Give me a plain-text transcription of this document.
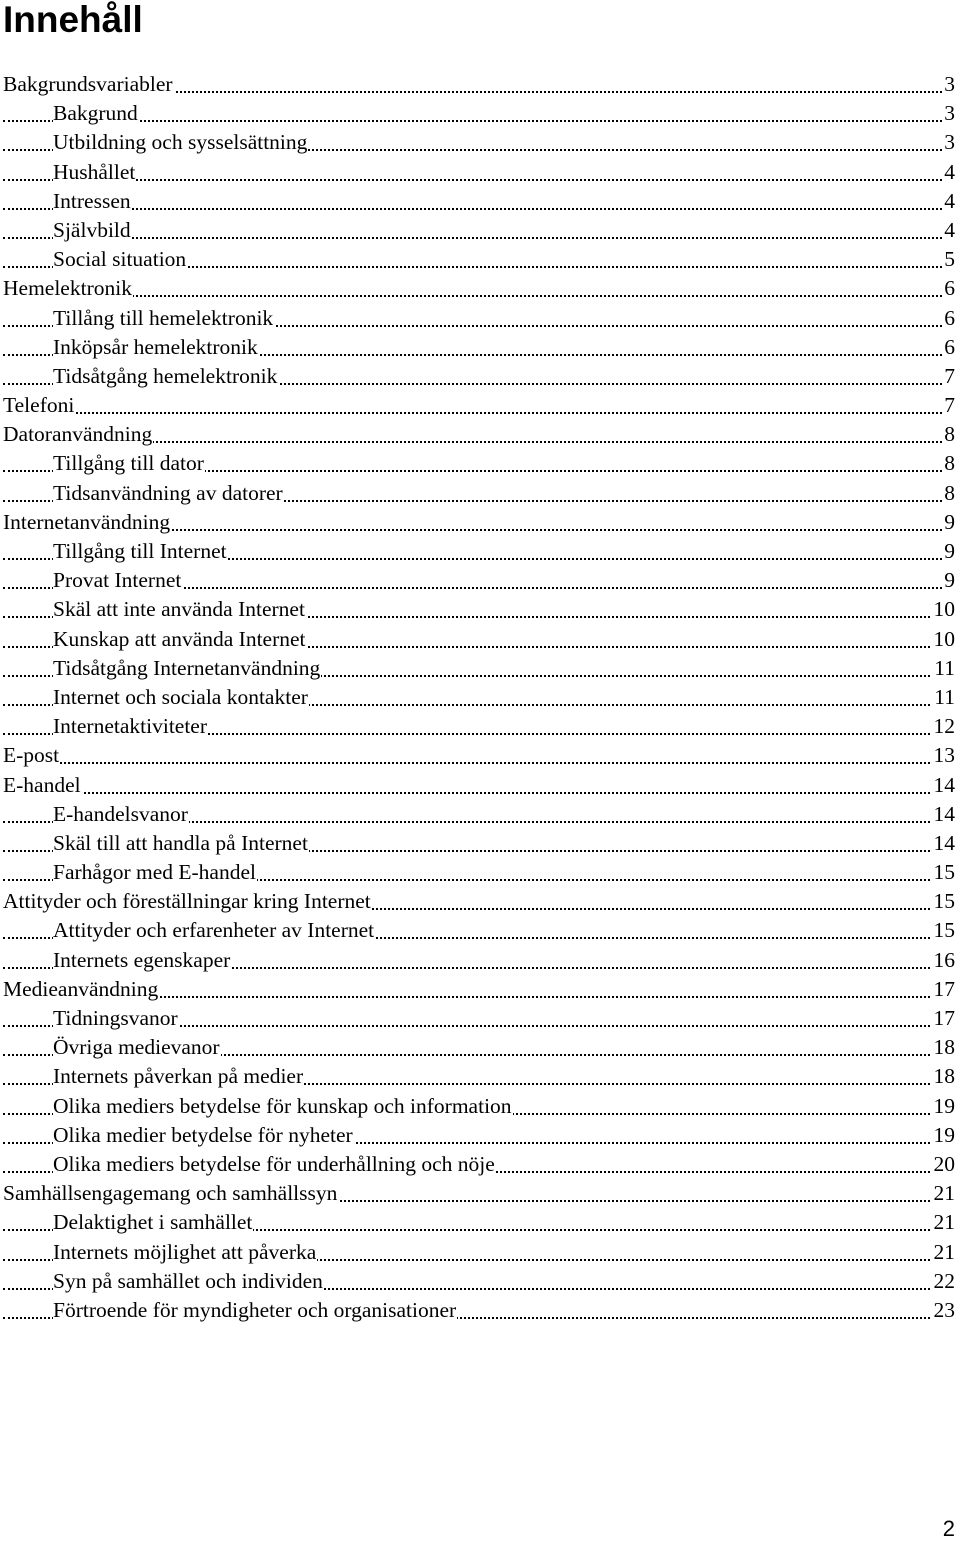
Innehåll
Bakgrundsvariabler	3
Bakgrund	3
Utbildning och sysselsättning	3
Hushållet	4
Intressen	4
Självbild	4
Social situation	5
Hemelektronik	6
Tillång till hemelektronik	6
Inköpsår hemelektronik	6
Tidsåtgång hemelektronik	7
Telefoni	7
Datoranvändning	8
Tillgång till dator	8
Tidsanvändning av datorer	8
Internetanvändning	9
Tillgång till Internet	9
Provat Internet	9
Skäl att inte använda Internet	10
Kunskap att använda Internet	10
Tidsåtgång Internetanvändning	11
Internet och sociala kontakter	11
Internetaktiviteter	12
E-post	13
E-handel	14
E-handelsvanor	14
Skäl till att handla på Internet	14
Farhågor med E-handel	15
Attityder och föreställningar kring Internet	15
Attityder och erfarenheter av Internet	15
Internets egenskaper	16
Medieanvändning	17
Tidningsvanor	17
Övriga medievanor	18
Internets påverkan på medier	18
Olika mediers betydelse för kunskap och information	19
Olika medier betydelse för nyheter	19
Olika mediers betydelse för underhållning och nöje	20
Samhällsengagemang och samhällssyn	21
Delaktighet i samhället	21
Internets möjlighet att påverka	21
Syn på samhället och individen	22
Förtroende för myndigheter och organisationer	23

2
